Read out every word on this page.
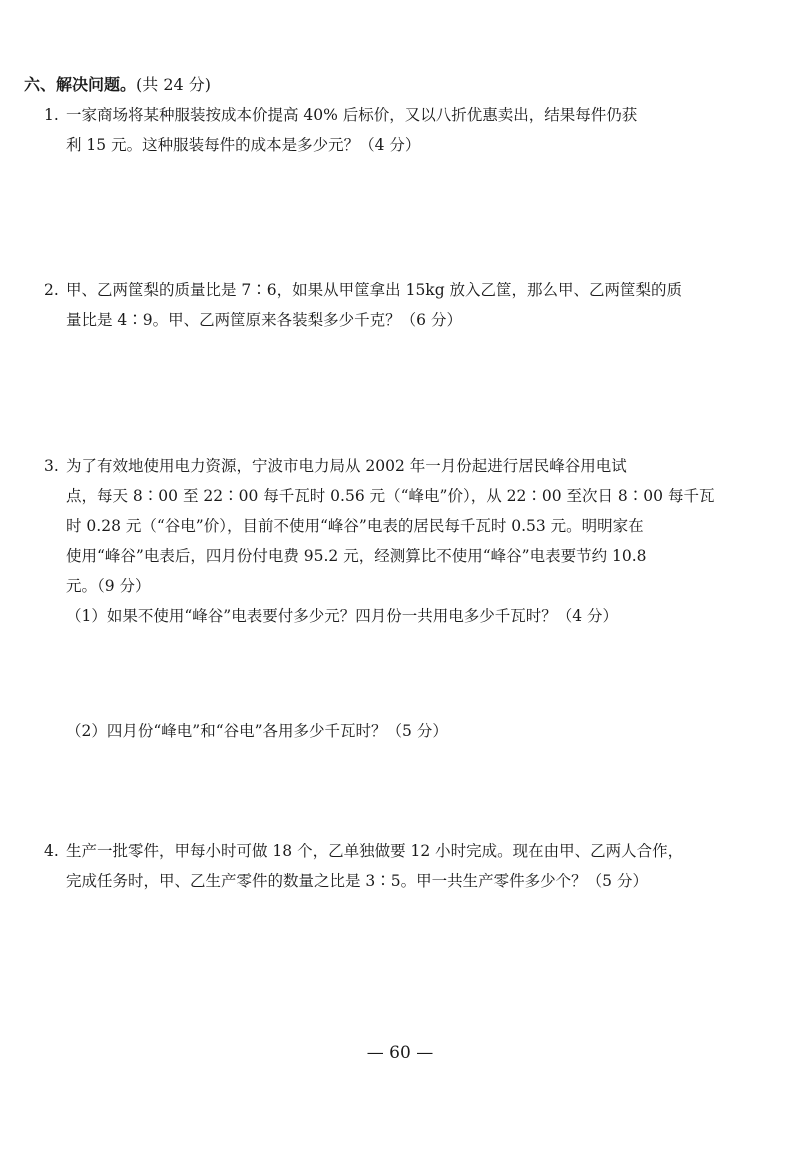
六、解决问题。(共 24 分)
1. 一家商场将某种服装按成本价提高 40% 后标价，又以八折优惠卖出，结果每件仍获
利 15 元。这种服装每件的成本是多少元？（4 分）
2. 甲、乙两筐梨的质量比是 7∶6，如果从甲筐拿出 15kg 放入乙筐，那么甲、乙两筐梨的质
量比是 4∶9。甲、乙两筐原来各装梨多少千克？（6 分）
3. 为了有效地使用电力资源，宁波市电力局从 2002 年一月份起进行居民峰谷用电试
点，每天 8∶00 至 22∶00 每千瓦时 0.56 元（“峰电”价），从 22∶00 至次日 8∶00 每千瓦
时 0.28 元（“谷电”价），目前不使用“峰谷”电表的居民每千瓦时 0.53 元。明明家在
使用“峰谷”电表后，四月份付电费 95.2 元，经测算比不使用“峰谷”电表要节约 10.8
元。（9 分）
（1）如果不使用“峰谷”电表要付多少元？四月份一共用电多少千瓦时？（4 分）
（2）四月份“峰电”和“谷电”各用多少千瓦时？（5 分）
4. 生产一批零件，甲每小时可做 18 个，乙单独做要 12 小时完成。现在由甲、乙两人合作，
完成任务时，甲、乙生产零件的数量之比是 3∶5。甲一共生产零件多少个？（5 分）
— 60 —
